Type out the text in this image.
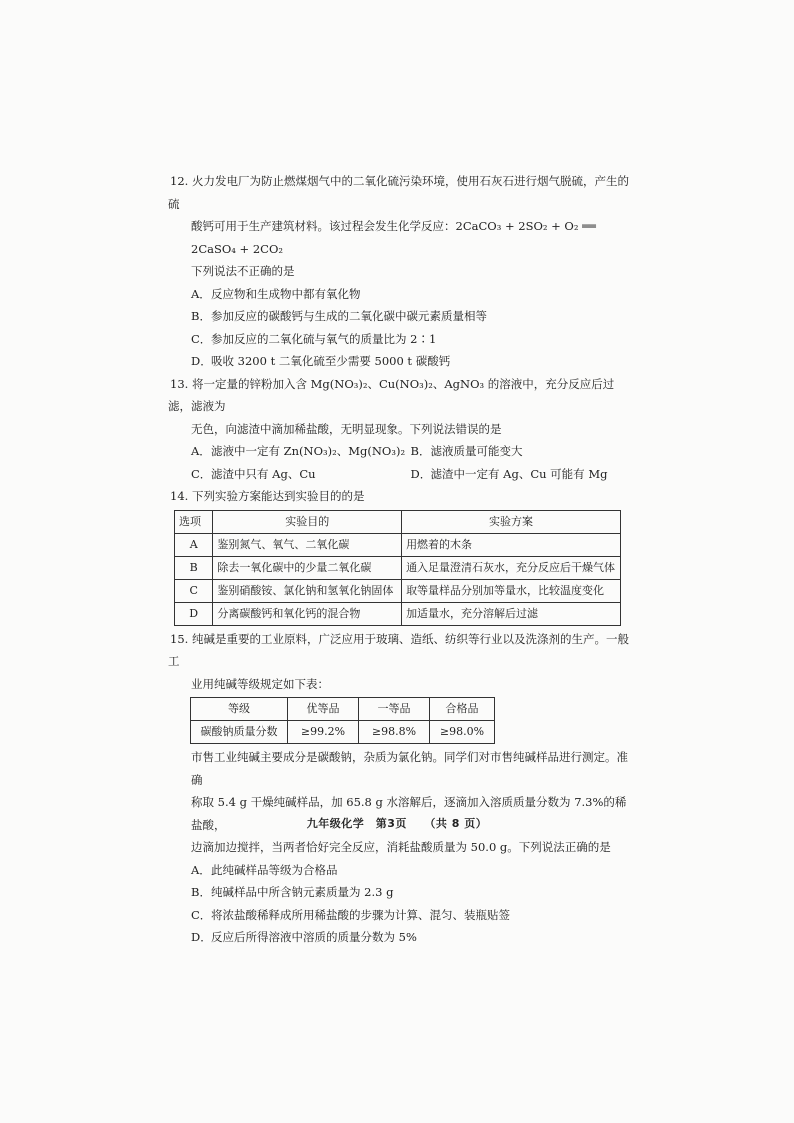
12. 火力发电厂为防止燃煤烟气中的二氧化硫污染环境，使用石灰石进行烟气脱硫，产生的硫
酸钙可用于生产建筑材料。该过程会发生化学反应：2CaCO₃ + 2SO₂ + O₂ ══ 2CaSO₄ + 2CO₂
下列说法不正确的是
A．反应物和生成物中都有氧化物
B．参加反应的碳酸钙与生成的二氧化碳中碳元素质量相等
C．参加反应的二氧化硫与氧气的质量比为 2∶1
D．吸收 3200 t 二氧化硫至少需要 5000 t 碳酸钙
13. 将一定量的锌粉加入含 Mg(NO₃)₂、Cu(NO₃)₂、AgNO₃ 的溶液中，充分反应后过滤，滤液为
无色，向滤渣中滴加稀盐酸，无明显现象。下列说法错误的是
A．滤液中一定有 Zn(NO₃)₂、Mg(NO₃)₂ B．滤液质量可能变大
C．滤渣中只有 Ag、Cu	D．滤渣中一定有 Ag、Cu 可能有 Mg
14. 下列实验方案能达到实验目的的是
选项	实验目的	实验方案
A	鉴别氮气、氧气、二氧化碳	用燃着的木条
B	除去一氧化碳中的少量二氧化碳	通入足量澄清石灰水，充分反应后干燥气体
C	鉴别硝酸铵、氯化钠和氢氧化钠固体	取等量样品分别加等量水，比较温度变化
D	分离碳酸钙和氧化钙的混合物	加适量水，充分溶解后过滤
15. 纯碱是重要的工业原料，广泛应用于玻璃、造纸、纺织等行业以及洗涤剂的生产。一般工
业用纯碱等级规定如下表：
等级	优等品	一等品	合格品
碳酸钠质量分数	≥99.2%	≥98.8%	≥98.0%
市售工业纯碱主要成分是碳酸钠，杂质为氯化钠。同学们对市售纯碱样品进行测定。准确
称取 5.4 g 干燥纯碱样品，加 65.8 g 水溶解后，逐滴加入溶质质量分数为 7.3%的稀盐酸，
边滴加边搅拌，当两者恰好完全反应，消耗盐酸质量为 50.0 g。下列说法正确的是
A．此纯碱样品等级为合格品
B．纯碱样品中所含钠元素质量为 2.3 g
C．将浓盐酸稀释成所用稀盐酸的步骤为计算、混匀、装瓶贴签
D．反应后所得溶液中溶质的质量分数为 5%
九年级化学　第3页　　（共 8 页）
